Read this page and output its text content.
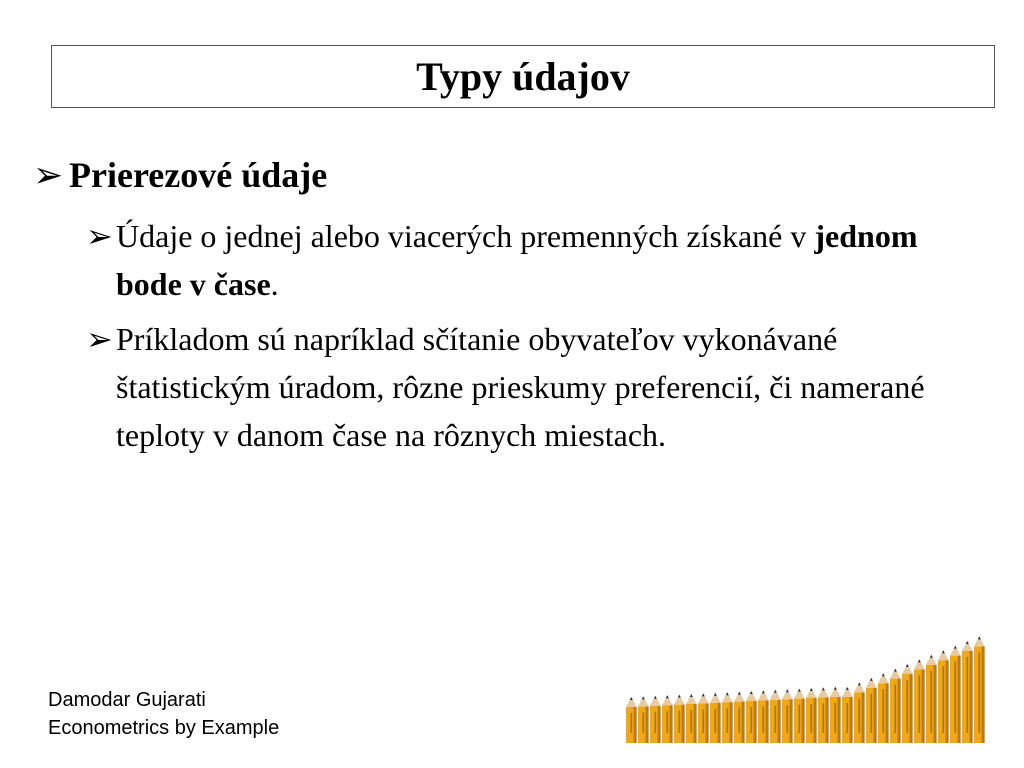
Typy údajov
➢ Prierezové údaje
➢ Údaje o jednej alebo viacerých premenných získané v jednom bode v čase.
➢ Príkladom sú napríklad sčítanie obyvateľov vykonávané štatistickým úradom, rôzne prieskumy preferencií, či namerané teploty v danom čase na rôznych miestach.
Damodar Gujarati
Econometrics by Example
